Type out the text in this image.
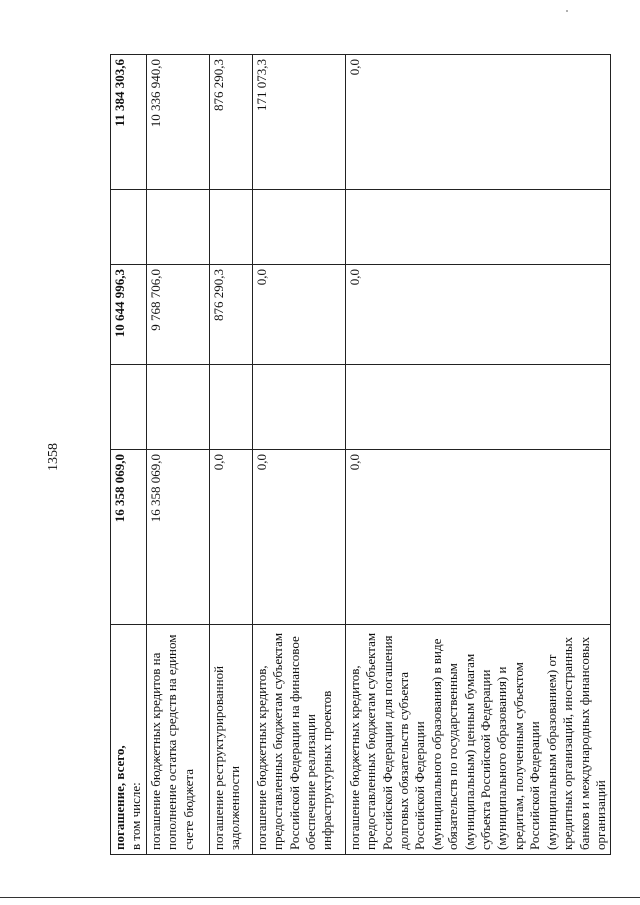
1358
погашение, всего,
в том числе:	16 358 069,0		10 644 996,3		11 384 303,6
погашение бюджетных кредитов на пополнение остатка средств на едином счете бюджета	16 358 069,0		9 768 706,0		10 336 940,0
погашение реструктурированной задолженности	0,0		876 290,3		876 290,3
погашение бюджетных кредитов, предоставленных бюджетам субъектам Российской Федерации на финансовое обеспечение реализации инфраструктурных проектов	0,0		0,0		171 073,3
погашение бюджетных кредитов, предоставленных бюджетам субъектам Российской Федерации для погашения долговых обязательств субъекта Российской Федерации (муниципального образования) в виде обязательств по государственным (муниципальным) ценным бумагам субъекта Российской Федерации (муниципального образования) и кредитам, полученным субъектом Российской Федерации (муниципальным образованием) от кредитных организаций, иностранных банков и международных финансовых организаций	0,0		0,0		0,0
